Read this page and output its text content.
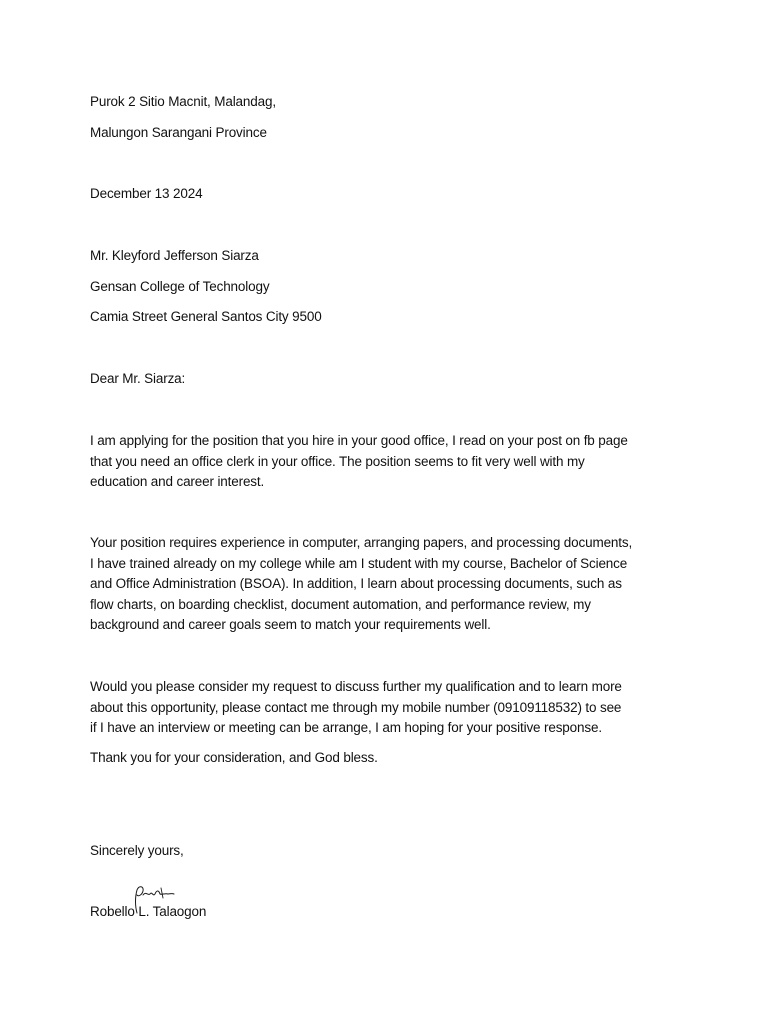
Purok 2 Sitio Macnit, Malandag,
Malungon Sarangani Province
December 13 2024
Mr. Kleyford Jefferson Siarza
Gensan College of Technology
Camia Street General Santos City 9500
Dear Mr. Siarza:
I am applying for the position that you hire in your good office, I read on your post on fb page
that you need an office clerk in your office. The position seems to fit very well with my
education and career interest.
Your position requires experience in computer, arranging papers, and processing documents,
I have trained already on my college while am I student with my course, Bachelor of Science
and Office Administration (BSOA). In addition, I learn about processing documents, such as
flow charts, on boarding checklist, document automation, and performance review, my
background and career goals seem to match your requirements well.
Would you please consider my request to discuss further my qualification and to learn more
about this opportunity, please contact me through my mobile number (09109118532) to see
if I have an interview or meeting can be arrange, I am hoping for your positive response.
Thank you for your consideration, and God bless.
Sincerely yours,
Robello L. Talaogon
